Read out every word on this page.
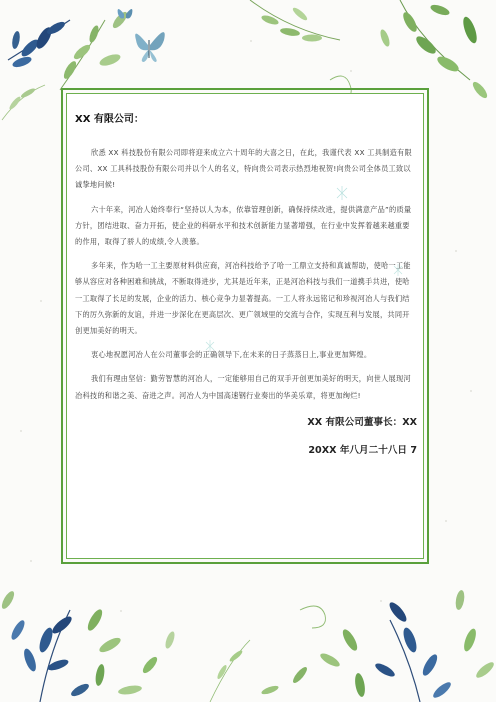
XX 有限公司：

欣悉 XX 科技股份有限公司即将迎来成立六十周年的大喜之日，在此，我谨代表 XX 工具制造有限公司、XX 工具科技股份有限公司并以个人的名义，特向贵公司表示热烈地祝贺!向贵公司全体员工致以诚挚地问候!

六十年来，河冶人始终奉行“坚持以人为本，依靠管理创新，确保持续改进，提供满意产品”的质量方针，团结进取、奋力开拓，使企业的科研水平和技术创新能力显著增强，在行业中发挥着越来越重要的作用，取得了骄人的成绩,令人羡慕。

多年来，作为哈一工主要原材料供应商，河冶科技给予了哈一工鼎立支持和真诚帮助，使哈一工能够从容应对各种困难和挑战，不断取得进步，尤其是近年来，正是河冶科技与我们一道携手共进，使哈一工取得了长足的发展，企业的活力、核心竞争力显著提高。一工人将永远铭记和珍视河冶人与我们结下的厉久弥新的友谊，并进一步深化在更高层次、更广领域里的交流与合作，实现互利与发展，共同开创更加美好的明天。

衷心地祝愿河冶人在公司董事会的正确领导下,在未来的日子蒸蒸日上,事业更加辉煌。

我们有理由坚信：勤劳智慧的河冶人，一定能够用自己的双手开创更加美好的明天，向世人展现河冶科技的和谐之美、奋进之声。河冶人为中国高速钢行业奏出的华美乐章，将更加绚烂!

XX 有限公司董事长：XX
20XX 年八月二十八日 7
